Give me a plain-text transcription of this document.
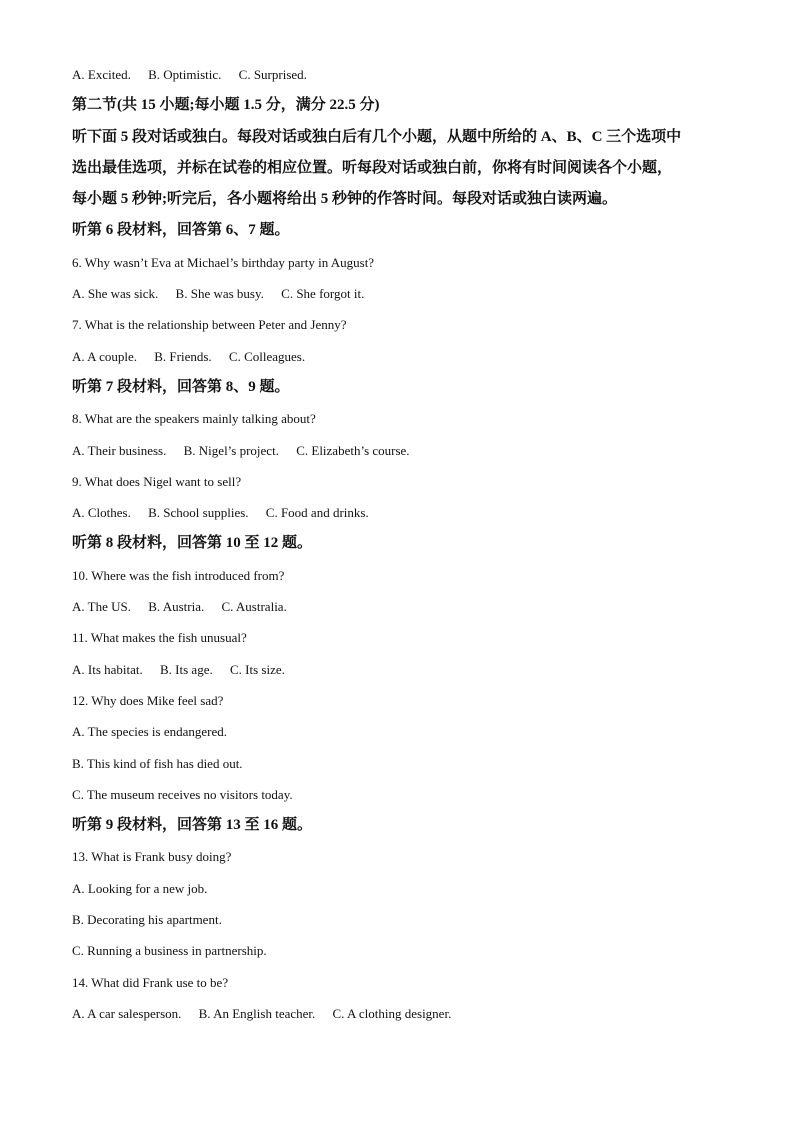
A. Excited. B. Optimistic. C. Surprised.
第二节(共 15 小题;每小题 1.5 分，满分 22.5 分)
听下面 5 段对话或独白。每段对话或独白后有几个小题，从题中所给的 A、B、C 三个选项中
选出最佳选项，并标在试卷的相应位置。听每段对话或独白前，你将有时间阅读各个小题，
每小题 5 秒钟;听完后，各小题将给出 5 秒钟的作答时间。每段对话或独白读两遍。
听第 6 段材料，回答第 6、7 题。
6. Why wasn’t Eva at Michael’s birthday party in August?
A. She was sick. B. She was busy. C. She forgot it.
7. What is the relationship between Peter and Jenny?
A. A couple. B. Friends. C. Colleagues.
听第 7 段材料，回答第 8、9 题。
8. What are the speakers mainly talking about?
A. Their business. B. Nigel’s project. C. Elizabeth’s course.
9. What does Nigel want to sell?
A. Clothes. B. School supplies. C. Food and drinks.
听第 8 段材料，回答第 10 至 12 题。
10. Where was the fish introduced from?
A. The US. B. Austria. C. Australia.
11. What makes the fish unusual?
A. Its habitat. B. Its age. C. Its size.
12. Why does Mike feel sad?
A. The species is endangered.
B. This kind of fish has died out.
C. The museum receives no visitors today.
听第 9 段材料，回答第 13 至 16 题。
13. What is Frank busy doing?
A. Looking for a new job.
B. Decorating his apartment.
C. Running a business in partnership.
14. What did Frank use to be?
A. A car salesperson. B. An English teacher. C. A clothing designer.
